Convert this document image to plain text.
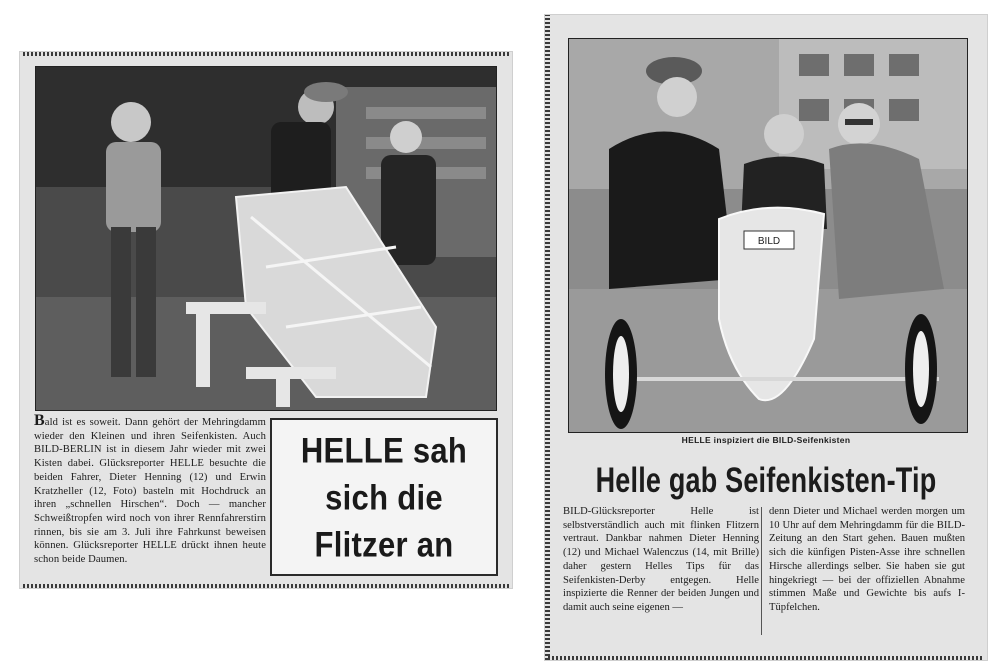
Bald ist es soweit. Dann gehört der Mehringdamm wieder den Kleinen und ihren Seifenkisten. Auch BILD-BERLIN ist in diesem Jahr wieder mit zwei Kisten dabei. Glücksreporter HELLE besuchte die beiden Fahrer, Dieter Henning (12) und Erwin Kratzheller (12, Foto) basteln mit Hochdruck an ihren „schnellen Hirschen“. Doch — mancher Schweißtropfen wird noch von ihrer Rennfahrerstirn rinnen, bis sie am 3. Juli ihre Fahrkunst beweisen können. Glücksreporter HELLE drückt ihnen heute schon beide Daumen.

HELLE sah
sich die
Flitzer an

BILD

HELLE inspiziert die BILD-Seifenkisten

Helle gab Seifenkisten-Tip

BILD-Glücksreporter Helle ist selbstverständlich auch mit flinken Flitzern vertraut. Dankbar nahmen Dieter Henning (12) und Michael Walenczus (14, mit Brille) daher gestern Helles Tips für das Seifenkisten-Derby entgegen. Helle inspizierte die Renner der beiden Jungen und damit auch seine eigenen —

denn Dieter und Michael werden morgen um 10 Uhr auf dem Mehringdamm für die BILD-Zeitung an den Start gehen. Bauen mußten sich die künfigen Pisten-Asse ihre schnellen Hirsche allerdings selber. Sie haben sie gut hingekriegt — bei der offiziellen Abnahme stimmen Maße und Gewichte bis aufs I-Tüpfelchen.
